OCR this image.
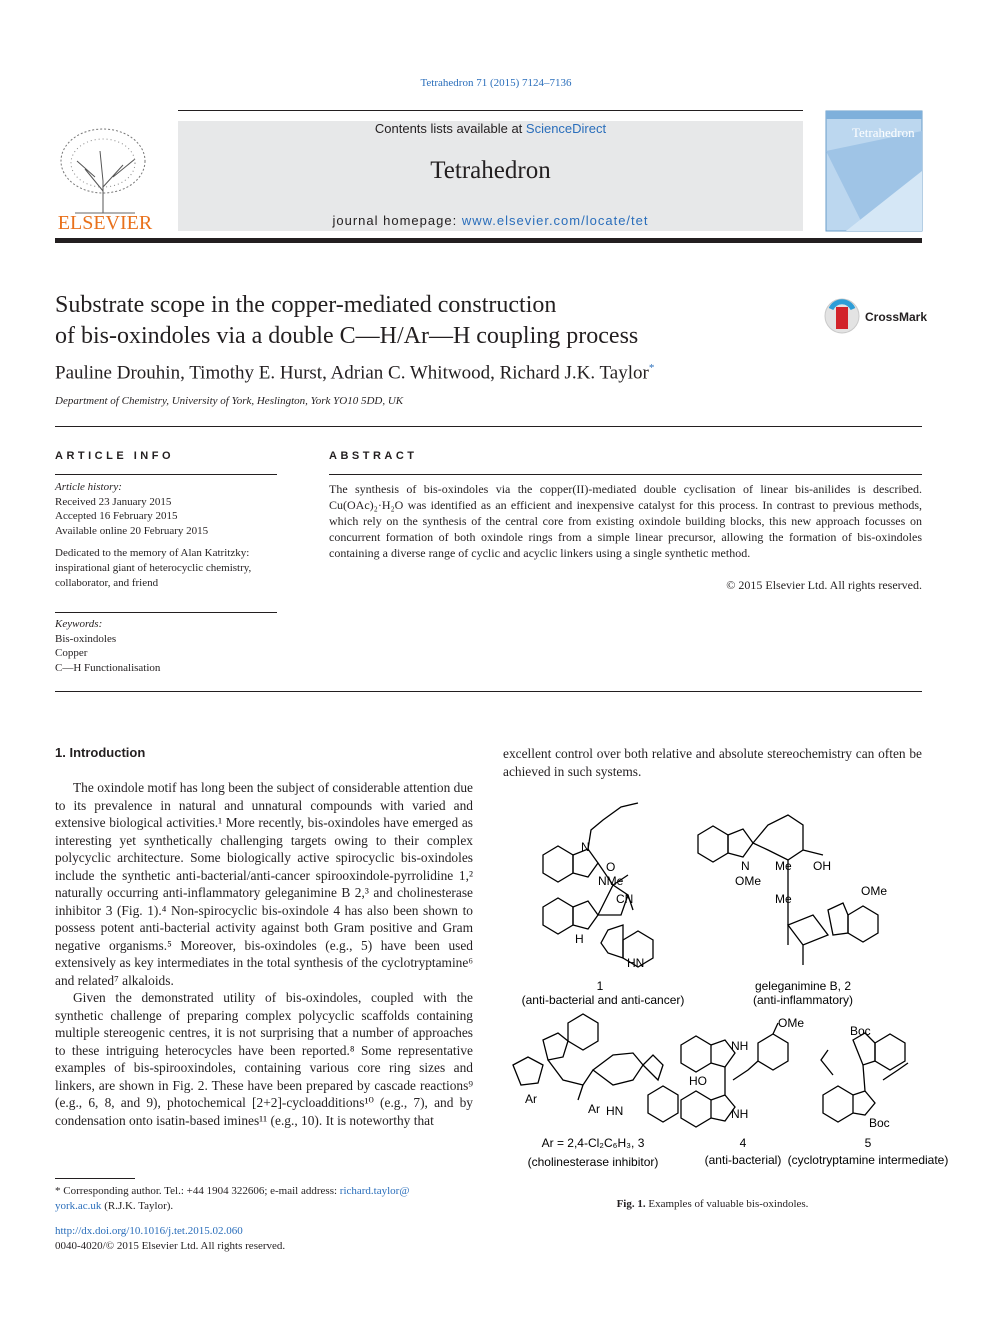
Tetrahedron 71 (2015) 7124–7136
Contents lists available at ScienceDirect
Tetrahedron
journal homepage: www.elsevier.com/locate/tet
ELSEVIER
Tetrahedron
Substrate scope in the copper-mediated construction
of bis-oxindoles via a double C—H/Ar—H coupling process
CrossMark
Pauline Drouhin, Timothy E. Hurst, Adrian C. Whitwood, Richard J.K. Taylor*
Department of Chemistry, University of York, Heslington, York YO10 5DD, UK
ARTICLE INFO
Article history:
Received 23 January 2015
Accepted 16 February 2015
Available online 20 February 2015
Dedicated to the memory of Alan Katritzky:
inspirational giant of heterocyclic chemistry,
collaborator, and friend
Keywords:
Bis-oxindoles
Copper
C—H Functionalisation
ABSTRACT
The synthesis of bis-oxindoles via the copper(II)-mediated double cyclisation of linear bis-anilides is described. Cu(OAc)₂·H₂O was identified as an efficient and inexpensive catalyst for this process. In contrast to previous methods, which rely on the synthesis of the central core from existing oxindole building blocks, this new approach focusses on concurrent formation of both oxindole rings from a simple linear precursor, allowing the formation of bis-oxindoles containing a diverse range of cyclic and acyclic linkers using a single synthetic method.
© 2015 Elsevier Ltd. All rights reserved.
1. Introduction

The oxindole motif has long been the subject of considerable attention due to its prevalence in natural and unnatural compounds with varied and extensive biological activities.¹ More recently, bis-oxindoles have emerged as interesting yet synthetically challenging targets owing to their complex polycyclic architecture. Some biologically active spirocyclic bis-oxindoles include the synthetic anti-bacterial/anti-cancer spirooxindole-pyrrolidine 1,² naturally occurring anti-inflammatory geleganimine B 2,³ and cholinesterase inhibitor 3 (Fig. 1).⁴ Non-spirocyclic bis-oxindole 4 has also been shown to possess potent anti-bacterial activity against both Gram positive and Gram negative organisms.⁵ Moreover, bis-oxindoles (e.g., 5) have been used extensively as key intermediates in the total synthesis of the cyclotryptamine⁶ and related⁷ alkaloids.

Given the demonstrated utility of bis-oxindoles, coupled with the synthetic challenge of preparing complex polycyclic scaffolds containing multiple stereogenic centres, it is not surprising that a number of approaches to these intriguing heterocycles have been reported.⁸ Some representative examples of bis-spirooxindoles, containing various core ring sizes and linkers, are shown in Fig. 2. These have been prepared by cascade reactions⁹ (e.g., 6, 8, and 9), photochemical [2+2]-cycloadditions¹⁰ (e.g., 7), and by condensation onto isatin-based imines¹¹ (e.g., 10). It is noteworthy that

excellent control over both relative and absolute stereochemistry can often be achieved in such systems.
NMe
CN
O
H
N
HN
1
(anti-bacterial and anti-cancer)
N
OMe
Me OH
Me
OMe
geleganimine B, 2
(anti-inflammatory)
Ar
Ar HN
Ar = 2,4-Cl₂C₆H₃, 3
(cholinesterase inhibitor)
NH
NH
HO
OMe
4
(anti-bacterial)
Boc
Boc
5
(cyclotryptamine intermediate)
Fig. 1. Examples of valuable bis-oxindoles.
* Corresponding author. Tel.: +44 1904 322606; e-mail address: richard.taylor@
york.ac.uk (R.J.K. Taylor).
http://dx.doi.org/10.1016/j.tet.2015.02.060
0040-4020/© 2015 Elsevier Ltd. All rights reserved.
